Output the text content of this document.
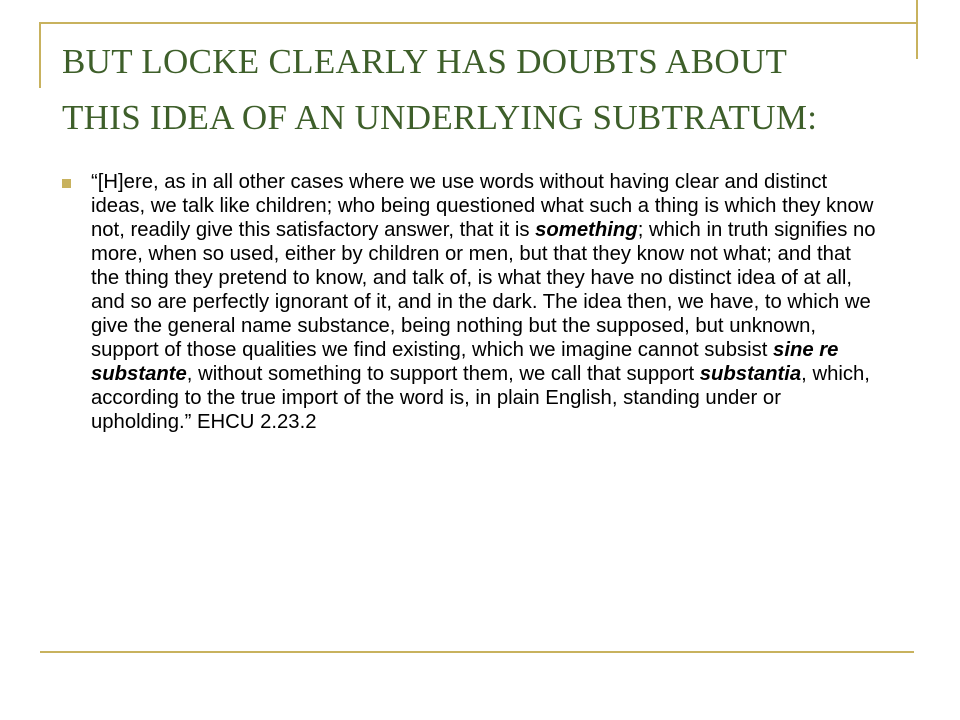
BUT LOCKE CLEARLY HAS DOUBTS ABOUT
THIS IDEA OF AN UNDERLYING SUBTRATUM:
“[H]ere, as in all other cases where we use words without having clear and distinct ideas, we talk like children; who being questioned what such a thing is which they know not, readily give this satisfactory answer, that it is something; which in truth signifies no more, when so used, either by children or men, but that they know not what; and that the thing they pretend to know, and talk of, is what they have no distinct idea of at all, and so are perfectly ignorant of it, and in the dark. The idea then, we have, to which we give the general name substance, being nothing but the supposed, but unknown, support of those qualities we find existing, which we imagine cannot subsist sine re substante, without something to support them, we call that support substantia, which, according to the true import of the word is, in plain English, standing under or upholding.” EHCU 2.23.2
